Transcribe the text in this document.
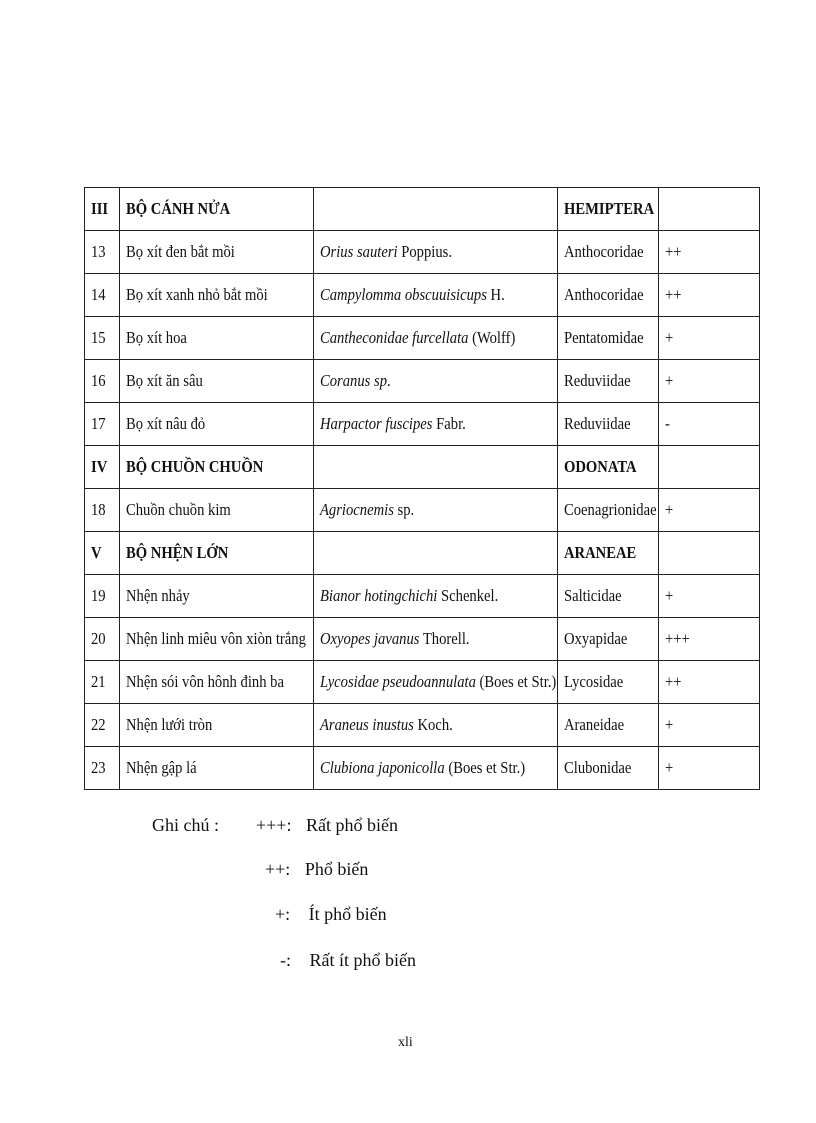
III	BỘ CÁNH NỬA		HEMIPTERA	
13	Bọ xít đen bắt mồi	Orius sauteri Poppius.	Anthocoridae	++
14	Bọ xít xanh nhỏ bắt mồi	Campylomma obscuuisicups H.	Anthocoridae	++
15	Bọ xít hoa	Cantheconidae furcellata (Wolff)	Pentatomidae	+
16	Bọ xít ăn sâu	Coranus sp.	Reduviidae	+
17	Bọ xít nâu đỏ	Harpactor fuscipes Fabr.	Reduviidae	-
IV	BỘ CHUỒN CHUỒN		ODONATA	
18	Chuồn chuồn kim	Agriocnemis sp.	Coenagrionidae	+
V	BỘ NHỆN LỚN		ARANEAE	
19	Nhện nhảy	Bianor hotingchichi Schenkel.	Salticidae	+
20	Nhện linh miêu vôn xiòn trắng	Oxyopes javanus Thorell.	Oxyapidae	+++
21	Nhện sói vôn hônh đinh ba	Lycosidae pseudoannulata (Boes et Str.)	Lycosidae	++
22	Nhện lưới tròn	Araneus inustus Koch.	Araneidae	+
23	Nhện gập lá	Clubiona japonicolla (Boes et Str.)	Clubonidae	+
Ghi chú : +++: Rất phổ biến
++: Phổ biến
+: Ít phổ biến
-: Rất ít phổ biến
xli
